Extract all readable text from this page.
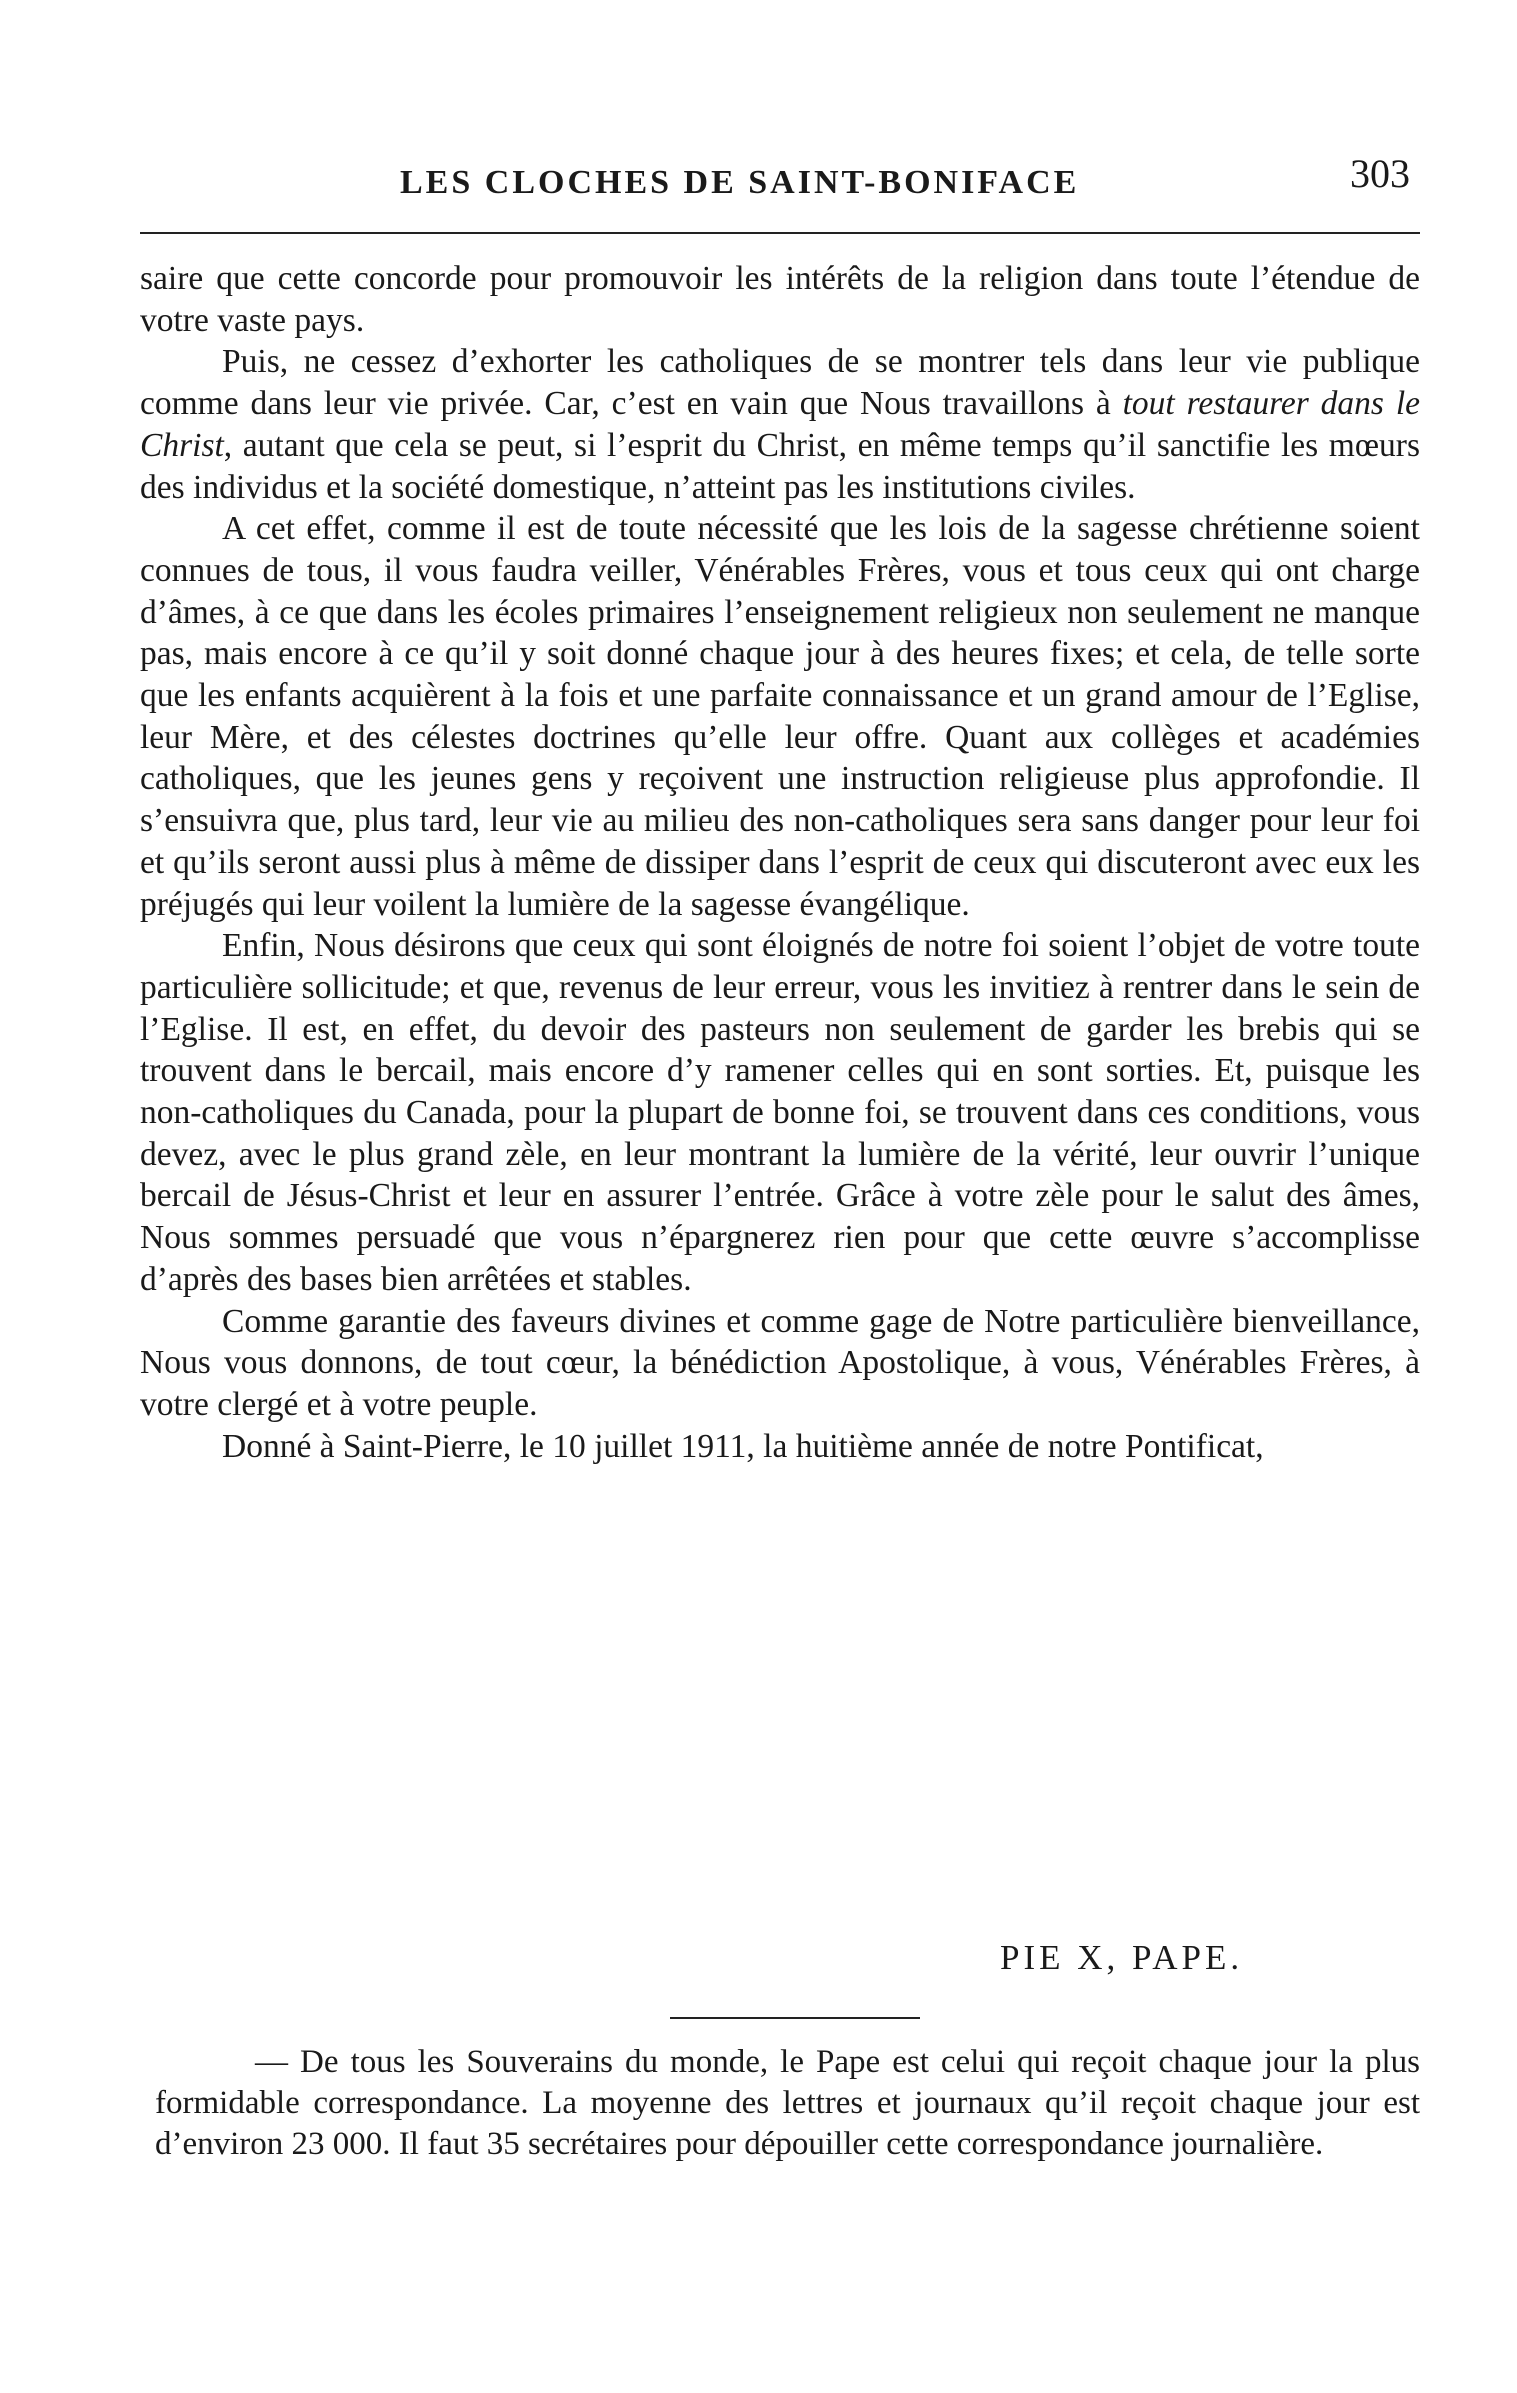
LES CLOCHES DE SAINT-BONIFACE	303

saire que cette concorde pour promouvoir les intérêts de la religion dans toute l’étendue de votre vaste pays.

Puis, ne cessez d’exhorter les catholiques de se montrer tels dans leur vie publique comme dans leur vie privée. Car, c’est en vain que Nous travaillons à tout restaurer dans le Christ, autant que cela se peut, si l’esprit du Christ, en même temps qu’il sanctifie les mœurs des individus et la société domestique, n’atteint pas les institutions civiles.

A cet effet, comme il est de toute nécessité que les lois de la sagesse chrétienne soient connues de tous, il vous faudra veiller, Vénérables Frères, vous et tous ceux qui ont charge d’âmes, à ce que dans les écoles primaires l’enseignement religieux non seulement ne manque pas, mais encore à ce qu’il y soit donné chaque jour à des heures fixes; et cela, de telle sorte que les enfants acquièrent à la fois et une parfaite connaissance et un grand amour de l’Eglise, leur Mère, et des célestes doctrines qu’elle leur offre. Quant aux collèges et académies catholiques, que les jeunes gens y reçoivent une instruction religieuse plus approfondie. Il s’ensuivra que, plus tard, leur vie au milieu des non-catholiques sera sans danger pour leur foi et qu’ils seront aussi plus à même de dissiper dans l’esprit de ceux qui discuteront avec eux les préjugés qui leur voilent la lumière de la sagesse évangélique.

Enfin, Nous désirons que ceux qui sont éloignés de notre foi soient l’objet de votre toute particulière sollicitude; et que, revenus de leur erreur, vous les invitiez à rentrer dans le sein de l’Eglise. Il est, en effet, du devoir des pasteurs non seulement de garder les brebis qui se trouvent dans le bercail, mais encore d’y ramener celles qui en sont sorties. Et, puisque les non-catholiques du Canada, pour la plupart de bonne foi, se trouvent dans ces conditions, vous devez, avec le plus grand zèle, en leur montrant la lumière de la vérité, leur ouvrir l’unique bercail de Jésus-Christ et leur en assurer l’entrée. Grâce à votre zèle pour le salut des âmes, Nous sommes persuadé que vous n’épargnerez rien pour que cette œuvre s’accomplisse d’après des bases bien arrêtées et stables.

Comme garantie des faveurs divines et comme gage de Notre particulière bienveillance, Nous vous donnons, de tout cœur, la bénédiction Apostolique, à vous, Vénérables Frères, à votre clergé et à votre peuple.

Donné à Saint-Pierre, le 10 juillet 1911, la huitième année de notre Pontificat,

PIE X, PAPE.

— De tous les Souverains du monde, le Pape est celui qui reçoit chaque jour la plus formidable correspondance. La moyenne des lettres et journaux qu’il reçoit chaque jour est d’environ 23 000. Il faut 35 secrétaires pour dépouiller cette correspondance journalière.
